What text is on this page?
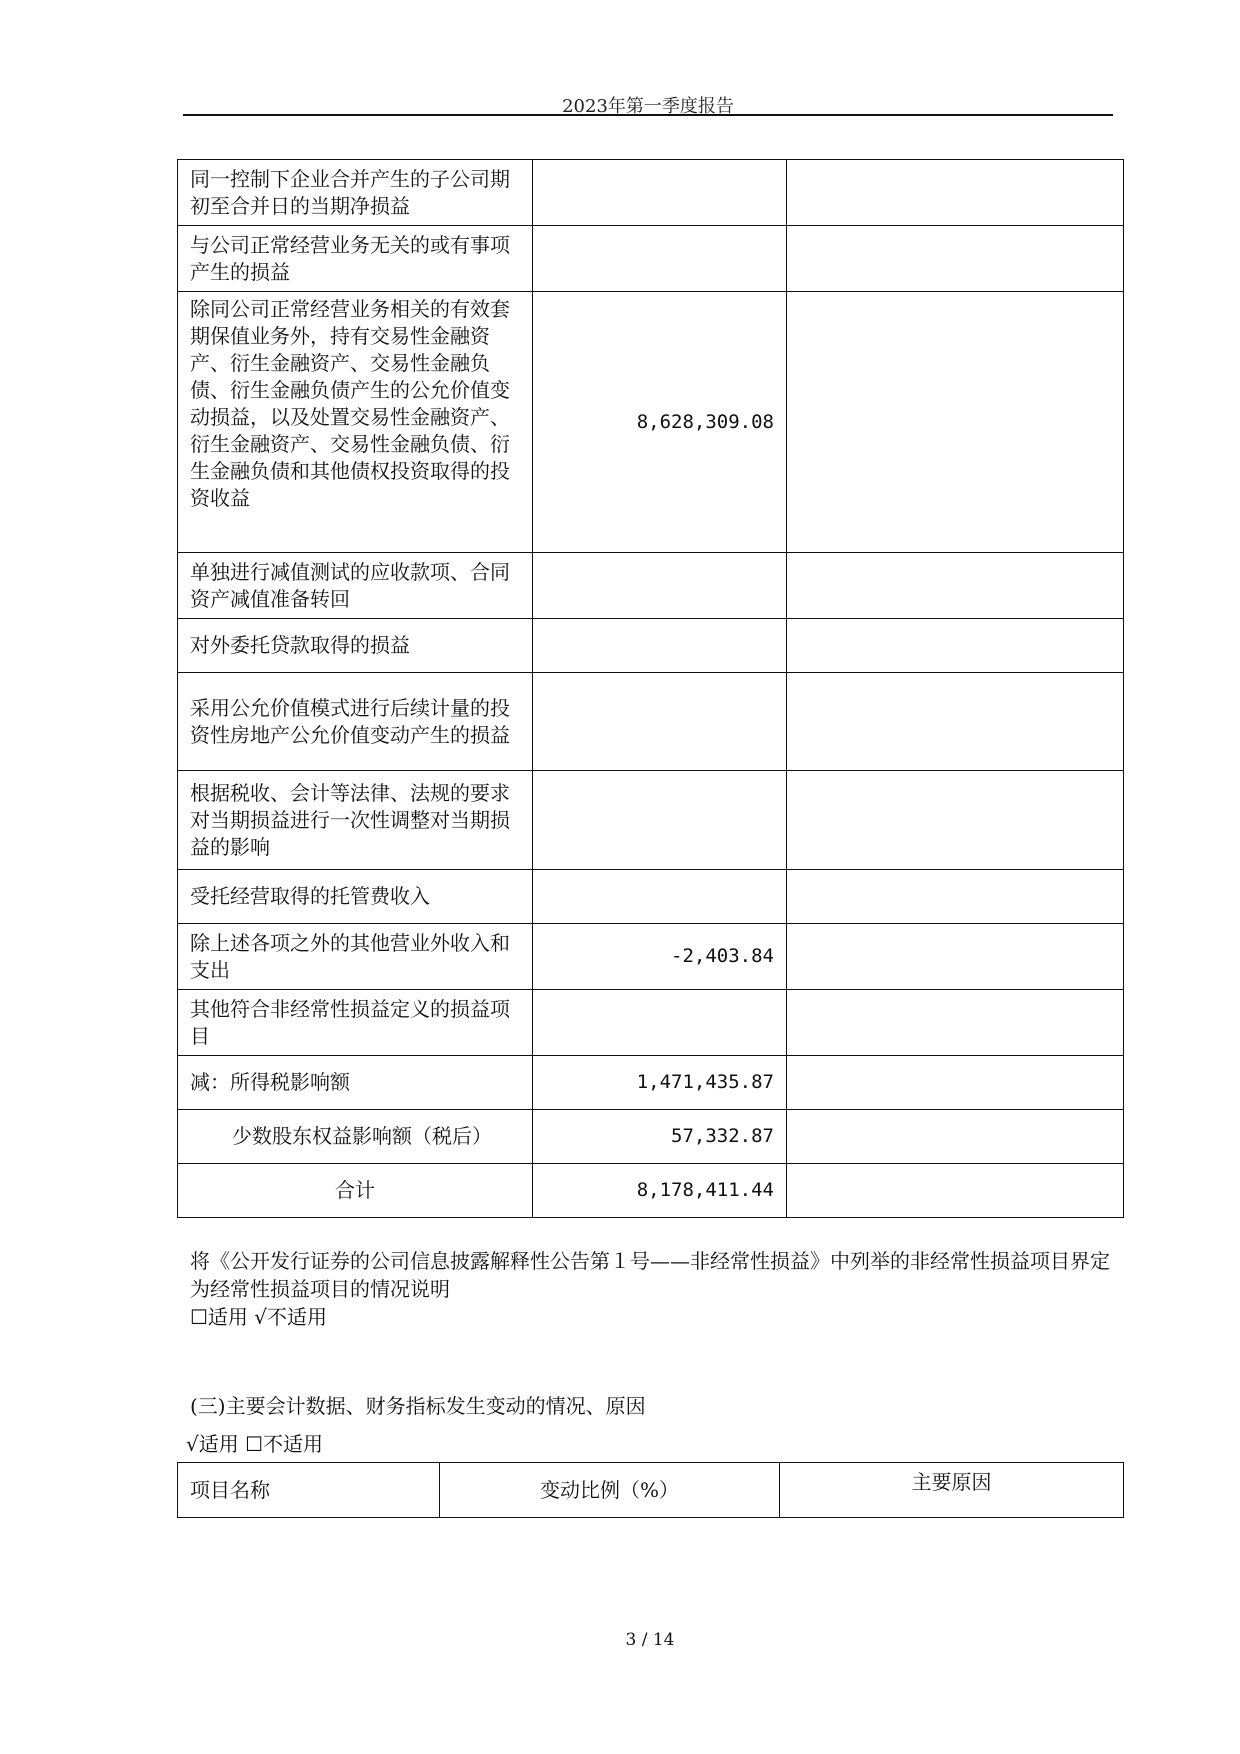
2023年第一季度报告
同一控制下企业合并产生的子公司期初至合并日的当期净损益		
与公司正常经营业务无关的或有事项产生的损益		
除同公司正常经营业务相关的有效套期保值业务外，持有交易性金融资产、衍生金融资产、交易性金融负债、衍生金融负债产生的公允价值变动损益，以及处置交易性金融资产、衍生金融资产、交易性金融负债、衍生金融负债和其他债权投资取得的投资收益	8,628,309.08	
单独进行减值测试的应收款项、合同资产减值准备转回		
对外委托贷款取得的损益		
采用公允价值模式进行后续计量的投资性房地产公允价值变动产生的损益		
根据税收、会计等法律、法规的要求对当期损益进行一次性调整对当期损益的影响		
受托经营取得的托管费收入		
除上述各项之外的其他营业外收入和支出	-2,403.84	
其他符合非经常性损益定义的损益项目		
减：所得税影响额	1,471,435.87	
少数股东权益影响额（税后）	57,332.87	
合计	8,178,411.44	
将《公开发行证券的公司信息披露解释性公告第１号——非经常性损益》中列举的非经常性损益项目界定为经常性损益项目的情况说明
☐适用 √不适用
(三)主要会计数据、财务指标发生变动的情况、原因
√适用 ☐不适用
项目名称	变动比例（%）	主要原因
3 / 14
